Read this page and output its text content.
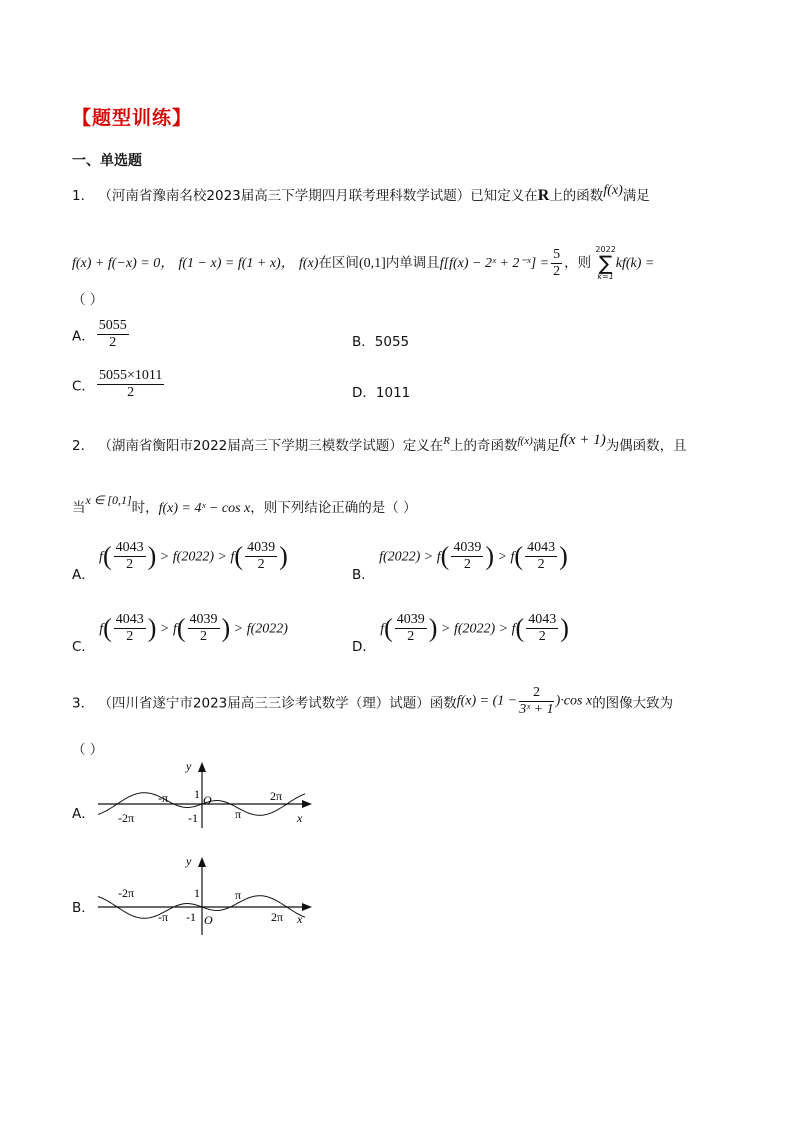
【题型训练】
一、单选题
1． （河南省豫南名校2023届高三下学期四月联考理科数学试题）已知定义在R上的函数f(x)满足
f(x) + f(−x) = 0， f(1 − x) = f(1 + x)， f(x)在区间(0,1]内单调且f[f(x) − 2ˣ + 2⁻ˣ] = $\frac{5}{2}$ ，则
2022
∑
k=1
kf(k) =
（ ）
A． $\frac{5055}{2}$	B．5055
C． $\frac{5055\times 1011}{2}$	D．1011
2． （湖南省衡阳市2022届高三下学期三模数学试题）定义在$^R$上的奇函数$^{f(x)}$满足f(x + 1)为偶函数，且
当x ∈ [0,1]时，f(x) = 4ˣ − cos x，则下列结论正确的是（ ）
A． $f( \frac{4043}{2}$ ) > $f(2022) > f( \frac{4039}{2}$ )
B． $f(2022) > f( \frac{4039}{2}$ ) > $f( \frac{4043}{2}$ )
C． $f( \frac{4043}{2}$ ) > $f( \frac{4039}{2}$ ) > f(2022)
D． $f( \frac{4039}{2}$ ) > $f(2022) > f( \frac{4043}{2}$ )
3． （四川省遂宁市2023届高三三诊考试数学（理）试题）函数$f(x) = (1 - \frac{2}{\text{3ˣ + 1}} )\cdot\cos$ x的图像大致为
（ ）
A．
y
x
1
-1
O
-π
-2π	π
2π
B．
y
x
1
-1 O
-2π
-π
π
2π
